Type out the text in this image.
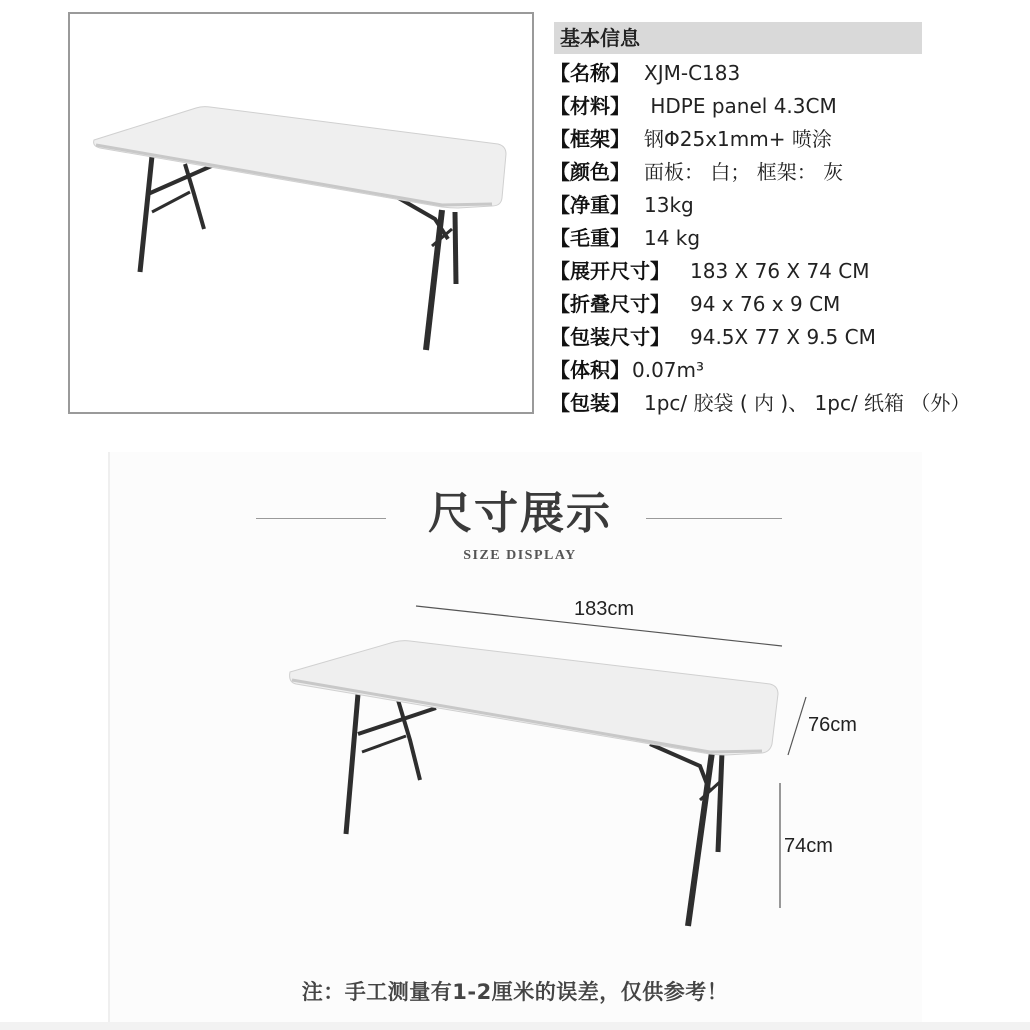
基本信息
【名称】 XJM-C183
【材料】 HDPE panel 4.3CM
【框架】 钢Φ25x1mm+ 喷涂
【颜色】 面板： 白； 框架： 灰
【净重】 13kg
【毛重】 14 kg
【展开尺寸】 183 X 76 X 74 CM
【折叠尺寸】 94 x 76 x 9 CM
【包装尺寸】 94.5X 77 X 9.5 CM
【体积】 0.07m³
【包装】 1pc/ 胶袋 ( 内 )、 1pc/ 纸箱 （外）
尺寸展示
SIZE DISPLAY
183cm
76cm
74cm
注：手工测量有1-2厘米的误差，仅供参考！
